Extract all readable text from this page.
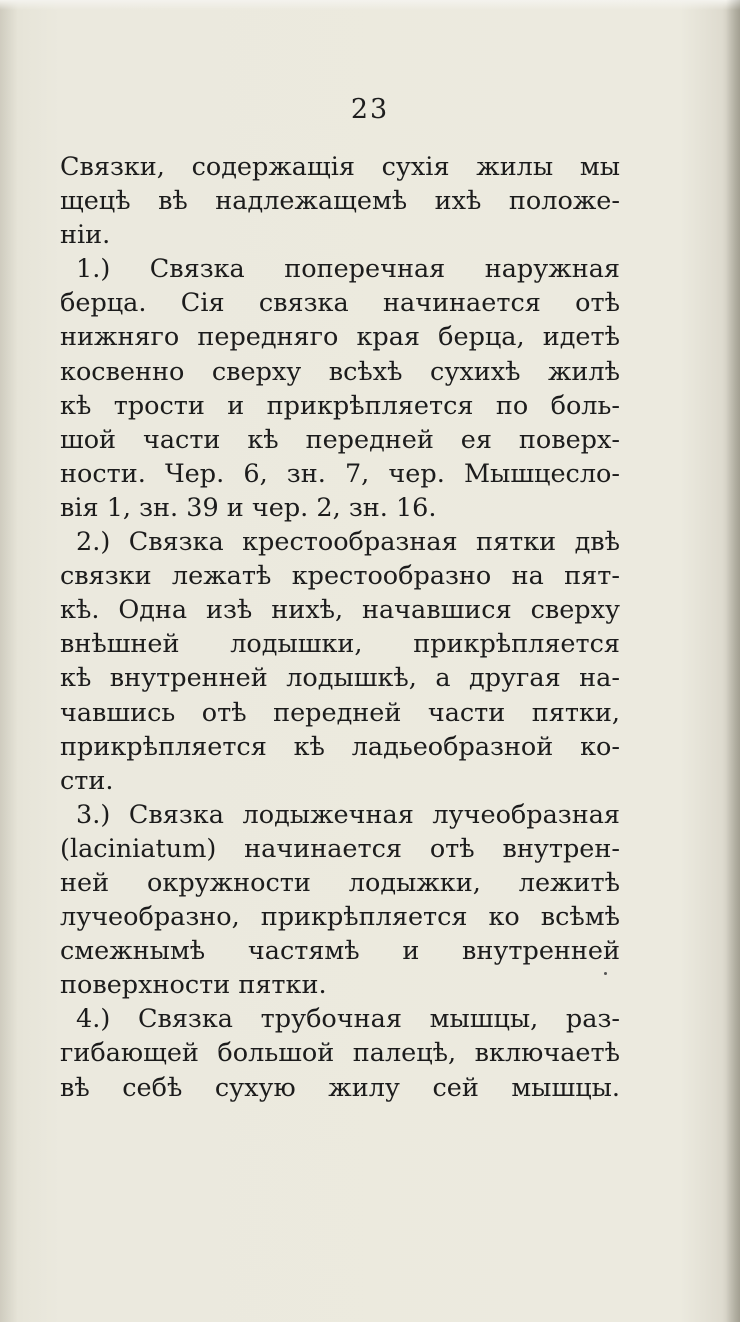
23
Связки, содержащія сухія жилы мы
щецѣ вѣ надлежащемѣ ихѣ положе-
ніи.
1.) Связка поперечная наружная
берца. Сія связка начинается отѣ
нижняго передняго края берца, идетѣ
косвенно сверху всѣхѣ сухихѣ жилѣ
кѣ трости и прикрѣпляется по боль-
шой части кѣ передней ея поверх-
ности. Чер. 6, зн. 7, чер. Мышцесло-
вія 1, зн. 39 и чер. 2, зн. 16.
2.) Связка крестообразная пятки двѣ
связки лежатѣ крестообразно на пят-
кѣ. Одна изѣ нихѣ, начавшися сверху
внѣшней лодышки, прикрѣпляется
кѣ внутренней лодышкѣ, а другая на-
чавшись отѣ передней части пятки,
прикрѣпляется кѣ ладьеобразной ко-
сти.
3.) Связка лодыжечная лучеобразная
(laciniatum) начинается отѣ внутрен-
ней окружности лодыжки, лежитѣ
лучеобразно, прикрѣпляется ко всѣмѣ
смежнымѣ частямѣ и внутренней
поверхности пятки.
4.) Связка трубочная мышцы, раз-
гибающей большой палецѣ, включаетѣ
вѣ себѣ сухую жилу сей мышцы.
